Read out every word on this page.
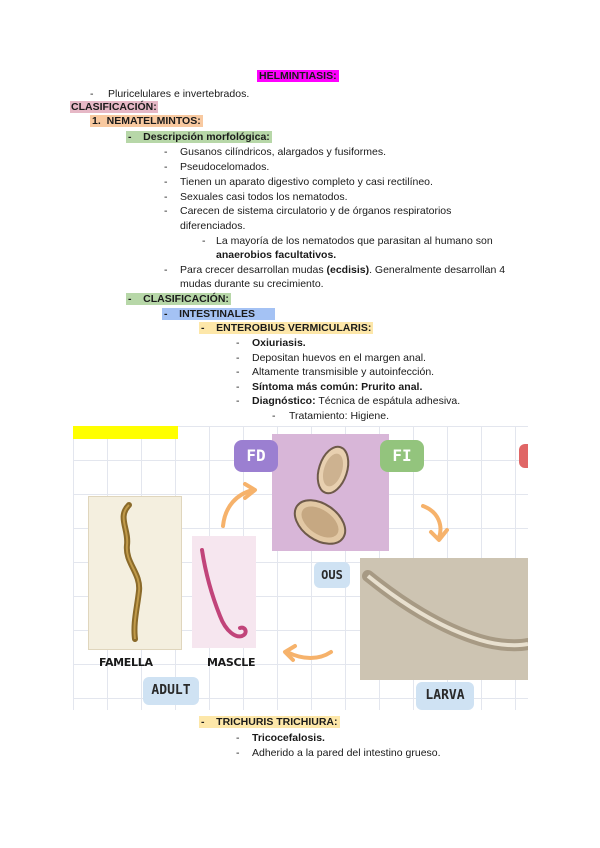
HELMINTIASIS:
- Pluricelulares e invertebrados.
CLASIFICACIÓN:
1. NEMATELMINTOS:
-    Descripción morfológica:
- Gusanos cilíndricos, alargados y fusiformes.
- Pseudocelomados.
- Tienen un aparato digestivo completo y casi rectilíneo.
- Sexuales casi todos los nematodos.
- Carecen de sistema circulatorio y de órganos respiratorios
diferenciados.
- La mayoría de los nematodos que parasitan al humano son
anaerobios facultativos.
- Para crecer desarrollan mudas (ecdisis). Generalmente desarrollan 4
mudas durante su crecimiento.
-    CLASIFICACIÓN:
-    INTESTINALES
-    ENTEROBIUS VERMICULARIS:
- Oxiuriasis.
- Depositan huevos en el margen anal.
- Altamente transmisible y autoinfección.
- Síntoma más común: Prurito anal.
- Diagnóstico: Técnica de espátula adhesiva.
- Tratamiento: Higiene.
FD	FI
OUS
ADULT	LARVA
FAMELLA	MASCLE
-    TRICHURIS TRICHIURA:
- Tricocefalosis.
- Adherido a la pared del intestino grueso.
